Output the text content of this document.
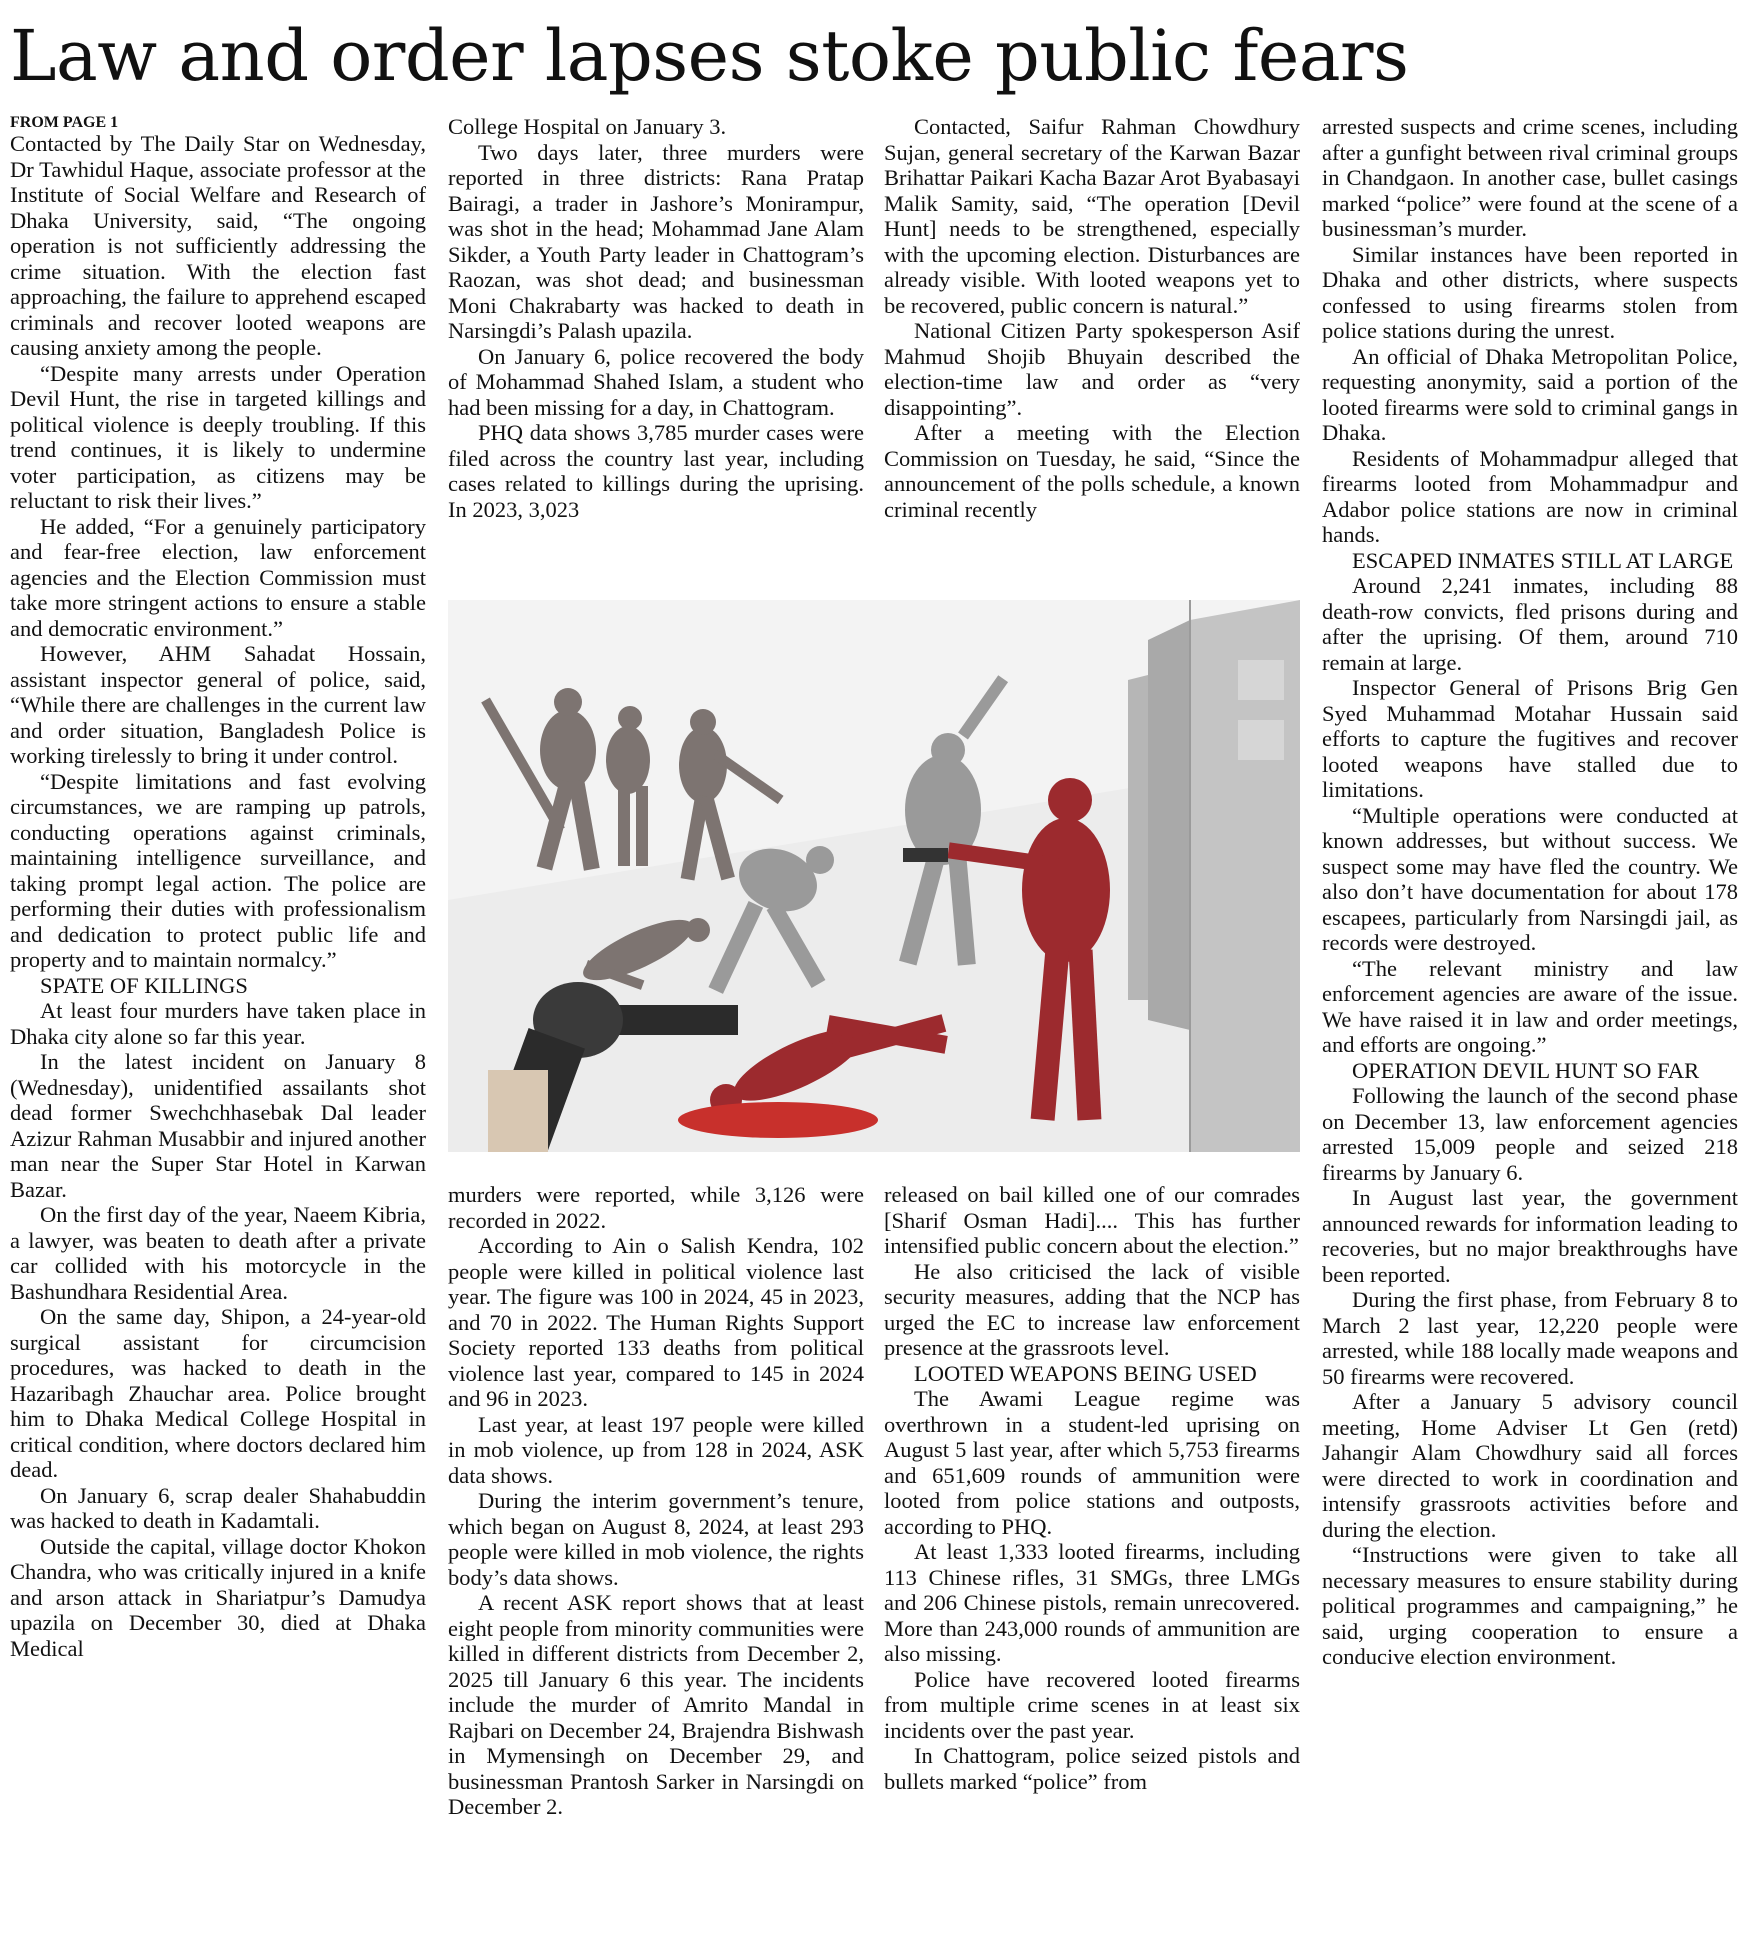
Law and order lapses stoke public fears

FROM PAGE 1

Contacted by The Daily Star on Wednesday, Dr Tawhidul Haque, associate professor at the Institute of Social Welfare and Research of Dhaka University, said, “The ongoing operation is not sufficiently addressing the crime situation. With the election fast approaching, the failure to apprehend escaped criminals and recover looted weapons are causing anxiety among the people.

“Despite many arrests under Operation Devil Hunt, the rise in targeted killings and political violence is deeply troubling. If this trend continues, it is likely to undermine voter participation, as citizens may be reluctant to risk their lives.”

He added, “For a genuinely participatory and fear-free election, law enforcement agencies and the Election Commission must take more stringent actions to ensure a stable and democratic environment.”

However, AHM Sahadat Hossain, assistant inspector general of police, said, “While there are challenges in the current law and order situation, Bangladesh Police is working tirelessly to bring it under control.

“Despite limitations and fast evolving circumstances, we are ramping up patrols, conducting operations against criminals, maintaining intelligence surveillance, and taking prompt legal action. The police are performing their duties with professionalism and dedication to protect public life and property and to maintain normalcy.”

SPATE OF KILLINGS

At least four murders have taken place in Dhaka city alone so far this year.

In the latest incident on January 8 (Wednesday), unidentified assailants shot dead former Swechchhasebak Dal leader Azizur Rahman Musabbir and injured another man near the Super Star Hotel in Karwan Bazar.

On the first day of the year, Naeem Kibria, a lawyer, was beaten to death after a private car collided with his motorcycle in the Bashundhara Residential Area.

On the same day, Shipon, a 24-year-old surgical assistant for circumcision procedures, was hacked to death in the Hazaribagh Zhauchar area. Police brought him to Dhaka Medical College Hospital in critical condition, where doctors declared him dead.

On January 6, scrap dealer Shahabuddin was hacked to death in Kadamtali.

Outside the capital, village doctor Khokon Chandra, who was critically injured in a knife and arson attack in Shariatpur’s Damudya upazila on December 30, died at Dhaka Medical

College Hospital on January 3.

Two days later, three murders were reported in three districts: Rana Pratap Bairagi, a trader in Jashore’s Monirampur, was shot in the head; Mohammad Jane Alam Sikder, a Youth Party leader in Chattogram’s Raozan, was shot dead; and businessman Moni Chakrabarty was hacked to death in Narsingdi’s Palash upazila.

On January 6, police recovered the body of Mohammad Shahed Islam, a student who had been missing for a day, in Chattogram.

PHQ data shows 3,785 murder cases were filed across the country last year, including cases related to killings during the uprising. In 2023, 3,023

Contacted, Saifur Rahman Chowdhury Sujan, general secretary of the Karwan Bazar Brihattar Paikari Kacha Bazar Arot Byabasayi Malik Samity, said, “The operation [Devil Hunt] needs to be strengthened, especially with the upcoming election. Disturbances are already visible. With looted weapons yet to be recovered, public concern is natural.”

National Citizen Party spokesperson Asif Mahmud Shojib Bhuyain described the election-time law and order as “very disappointing”.

After a meeting with the Election Commission on Tuesday, he said, “Since the announcement of the polls schedule, a known criminal recently

murders were reported, while 3,126 were recorded in 2022.

According to Ain o Salish Kendra, 102 people were killed in political violence last year. The figure was 100 in 2024, 45 in 2023, and 70 in 2022. The Human Rights Support Society reported 133 deaths from political violence last year, compared to 145 in 2024 and 96 in 2023.

Last year, at least 197 people were killed in mob violence, up from 128 in 2024, ASK data shows.

During the interim government’s tenure, which began on August 8, 2024, at least 293 people were killed in mob violence, the rights body’s data shows.

A recent ASK report shows that at least eight people from minority communities were killed in different districts from December 2, 2025 till January 6 this year. The incidents include the murder of Amrito Mandal in Rajbari on December 24, Brajendra Bishwash in Mymensingh on December 29, and businessman Prantosh Sarker in Narsingdi on December 2.

released on bail killed one of our comrades [Sharif Osman Hadi].... This has further intensified public concern about the election.”

He also criticised the lack of visible security measures, adding that the NCP has urged the EC to increase law enforcement presence at the grassroots level.

LOOTED WEAPONS BEING USED

The Awami League regime was overthrown in a student-led uprising on August 5 last year, after which 5,753 firearms and 651,609 rounds of ammunition were looted from police stations and outposts, according to PHQ.

At least 1,333 looted firearms, including 113 Chinese rifles, 31 SMGs, three LMGs and 206 Chinese pistols, remain unrecovered. More than 243,000 rounds of ammunition are also missing.

Police have recovered looted firearms from multiple crime scenes in at least six incidents over the past year.

In Chattogram, police seized pistols and bullets marked “police” from

arrested suspects and crime scenes, including after a gunfight between rival criminal groups in Chandgaon. In another case, bullet casings marked “police” were found at the scene of a businessman’s murder.

Similar instances have been reported in Dhaka and other districts, where suspects confessed to using firearms stolen from police stations during the unrest.

An official of Dhaka Metropolitan Police, requesting anonymity, said a portion of the looted firearms were sold to criminal gangs in Dhaka.

Residents of Mohammadpur alleged that firearms looted from Mohammadpur and Adabor police stations are now in criminal hands.

ESCAPED INMATES STILL AT LARGE

Around 2,241 inmates, including 88 death-row convicts, fled prisons during and after the uprising. Of them, around 710 remain at large.

Inspector General of Prisons Brig Gen Syed Muhammad Motahar Hussain said efforts to capture the fugitives and recover looted weapons have stalled due to limitations.

“Multiple operations were conducted at known addresses, but without success. We suspect some may have fled the country. We also don’t have documentation for about 178 escapees, particularly from Narsingdi jail, as records were destroyed.

“The relevant ministry and law enforcement agencies are aware of the issue. We have raised it in law and order meetings, and efforts are ongoing.”

OPERATION DEVIL HUNT SO FAR

Following the launch of the second phase on December 13, law enforcement agencies arrested 15,009 people and seized 218 firearms by January 6.

In August last year, the government announced rewards for information leading to recoveries, but no major breakthroughs have been reported.

During the first phase, from February 8 to March 2 last year, 12,220 people were arrested, while 188 locally made weapons and 50 firearms were recovered.

After a January 5 advisory council meeting, Home Adviser Lt Gen (retd) Jahangir Alam Chowdhury said all forces were directed to work in coordination and intensify grassroots activities before and during the election.

“Instructions were given to take all necessary measures to ensure stability during political programmes and campaigning,” he said, urging cooperation to ensure a conducive election environment.
